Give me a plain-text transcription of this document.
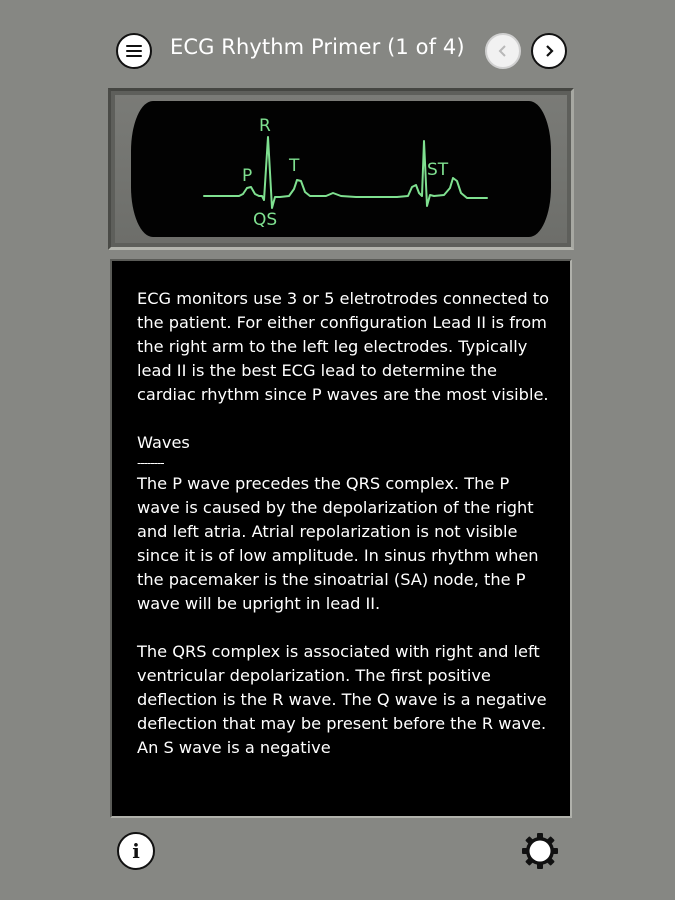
ECG Rhythm Primer (1 of 4)
R
P T
QS
ST

ECG monitors use 3 or 5 eletrotrodes connected to the patient. For either configuration Lead II is from the right arm to the left leg electrodes. Typically lead II is the best ECG lead to determine the cardiac rhythm since P waves are the most visible.

Waves
--------

The P wave precedes the QRS complex. The P wave is caused by the depolarization of the right and left atria. Atrial repolarization is not visible since it is of low amplitude. In sinus rhythm when the pacemaker is the sinoatrial (SA) node, the P wave will be upright in lead II.

The QRS complex is associated with right and left ventricular depolarization. The first positive deflection is the R wave. The Q wave is a negative deflection that may be present before the R wave. An S wave is a negative

i
